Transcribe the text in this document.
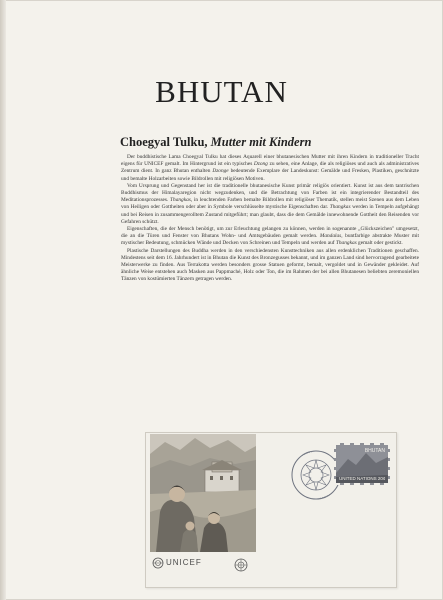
BHUTAN
Choegyal Tulku, Mutter mit Kindern

Der buddhistische Lama Choegyal Tulku hat dieses Aquarell einer bhutanesischen Mutter mit ihren Kindern in traditioneller Tracht eigens für UNICEF gemalt. Im Hintergrund ist ein typisches Dzong zu sehen, eine Anlage, die als religiöses und auch als administratives Zentrum dient. In ganz Bhutan enthalten Dzonge bedeutende Exemplare der Landeskunst: Gemälde und Fresken, Plastiken, geschnitzte und bemalte Holzarbeiten sowie Bildrollen mit religiösen Motiven.

Vom Ursprung und Gegenstand her ist die traditionelle bhutanesische Kunst primär religiös orientiert. Kunst ist aus dem tantrischen Buddhismus der Himalayaregion nicht wegzudenken, und die Betrachtung von Farben ist ein integrierender Bestandteil des Meditationsprozesses. Thangkas, in leuchtenden Farben bemalte Bildrollen mit religiöser Thematik, stellen meist Szenen aus dem Leben von Heiligen oder Gottheiten oder aber in Symbole verschlüsselte mystische Eigenschaften dar. Thangkas werden in Tempeln aufgehängt und bei Reisen in zusammengerolltem Zustand mitgeführt; man glaubt, dass die dem Gemälde innewohnende Gottheit den Reisenden vor Gefahren schützt.

Eigenschaften, die der Mensch benötigt, um zur Erleuchtung gelangen zu können, werden in sogenannte „Glückszeichen" umgesetzt, die an die Türen und Fenster von Bhutans Wohn- und Amtsgebäuden gemalt werden. Mandalas, buntfarbige abstrakte Muster mit mystischer Bedeutung, schmücken Wände und Decken von Schreinen und Tempeln und werden auf Thangkas gemalt oder gestickt.

Plastische Darstellungen des Buddha werden in den verschiedensten Kunsttechniken aus allen erdenklichen Traditionen geschaffen. Mindestens seit dem 16. Jahrhundert ist in Bhutan die Kunst des Bronzegusses bekannt, und im ganzen Land sind hervorragend gearbeitete Meisterwerke zu finden. Aus Terrakotta werden besonders grosse Statuen geformt, bemalt, vergoldet und in Gewänder gekleidet. Auf ähnliche Weise entstehen auch Masken aus Pappmaché, Holz oder Ton, die im Rahmen der bei allen Bhutanesen beliebten zeremoniellen Tänzen von kostümierten Tänzern getragen werden.

UNICEF
BHUTAN
UNITED NATIONS 20¢
